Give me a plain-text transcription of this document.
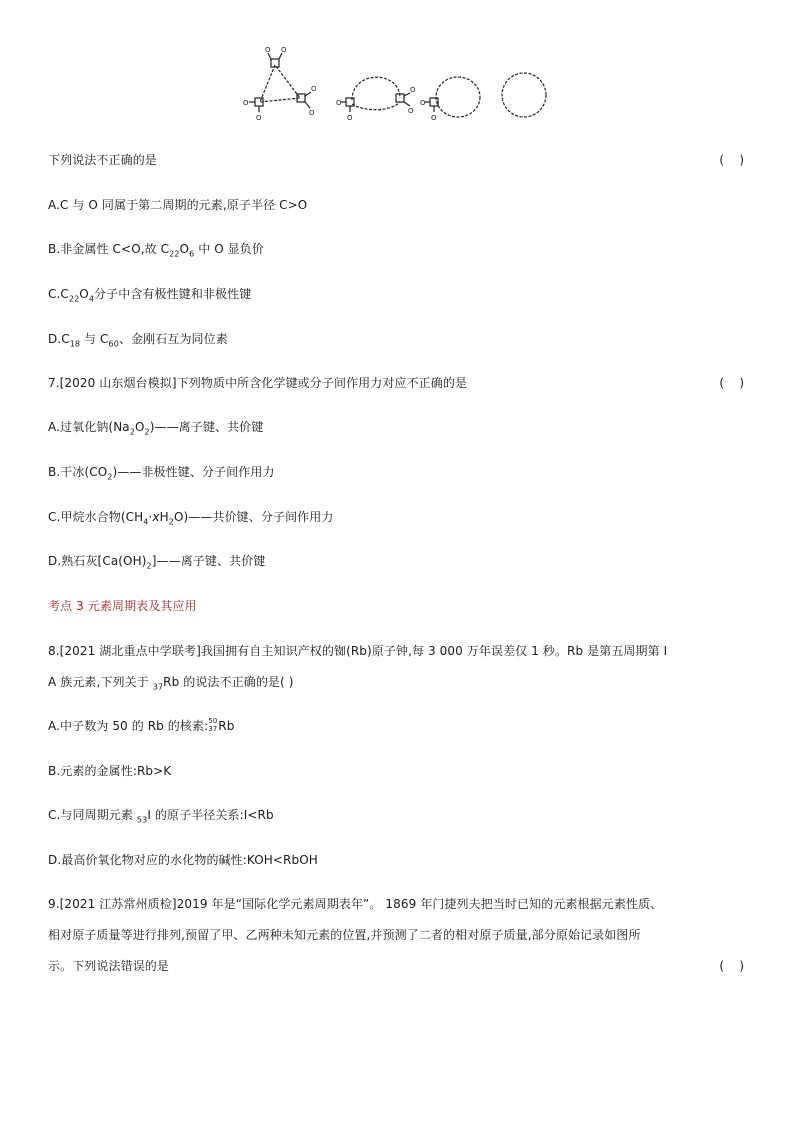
O O
O
O
O
O
O
O
O
O
O
O
下列说法不正确的是	(    )
A.C 与 O 同属于第二周期的元素,原子半径 C>O
B.非金属性 C<O,故 $C_{22}O_6$ 中 O 显负价
$C.C_{22}O_4$分子中含有极性键和非极性键
$D.C_{18}$ 与 $C_{60}$、金刚石互为同位素
7.[2020 山东烟台模拟]下列物质中所含化学键或分子间作用力对应不正确的是	(    )
A.过氧化钠$(Na_2O_2)——$离子键、共价键
B.干冰$(CO_2)——$非极性键、分子间作用力
C.甲烷水合物$(CH_4\cdot xH_2O)——$共价键、分子间作用力
D.熟石灰$[Ca(OH)_2]——$离子键、共价键
考点 3 元素周期表及其应用
8.[2021 湖北重点中学联考]我国拥有自主知识产权的铷(Rb)原子钟,每 3 000 万年误差仅 1 秒。Rb 是第五周期第 I
A 族元素,下列关于 $_{37}$Rb 的说法不正确的是( )
A.中子数为 50 的 Rb 的核素: 50
37 Rb
B.元素的金属性:Rb>K
C.与同周期元素 $_{53}$I 的原子半径关系:I<Rb
D.最高价氧化物对应的水化物的碱性:KOH<RbOH
9.[2021 江苏常州质检]2019 年是“国际化学元素周期表年”。 1869 年门捷列夫把当时已知的元素根据元素性质、
相对原子质量等进行排列,预留了甲、乙两种未知元素的位置,并预测了二者的相对原子质量,部分原始记录如图所
示。下列说法错误的是	(    )
